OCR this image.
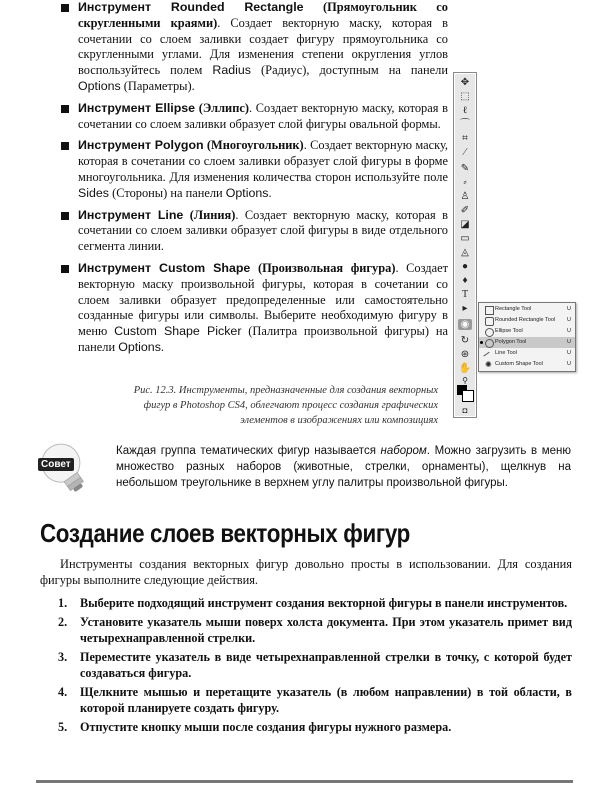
Инструмент Rounded Rectangle (Прямоугольник со скругленными краями). Создает векторную маску, которая в сочетании со слоем заливки создает фигуру прямоугольника со скругленными углами. Для изменения степени округления углов воспользуйтесь полем Radius (Радиус), доступным на панели Options (Параметры).
Инструмент Ellipse (Эллипс). Создает векторную маску, которая в сочетании со слоем заливки образует слой фигуры овальной формы.
Инструмент Polygon (Многоугольник). Создает векторную маску, которая в сочетании со слоем заливки образует слой фигуры в форме многоугольника. Для изменения количества сторон используйте поле Sides (Стороны) на панели Options.
Инструмент Line (Линия). Создает векторную маску, которая в сочетании со слоем заливки образует слой фигуры в виде отдельного сегмента линии.
Инструмент Custom Shape (Произвольная фигура). Создает векторную маску произвольной фигуры, которая в сочетании со слоем заливки образует предопределенные или самостоятельно созданные фигуры или символы. Выберите необходимую фигуру в меню Custom Shape Picker (Палитра произвольной фигуры) на панели Options.
✥
⬚
ℓ
⌒
⌗
⁄
✎
⸗
♙
✐
◪
▭
◬
●
♦
T
▸
◉
↻
⊛
✋
⚲
◘
Rectangle Tool	U
Rounded Rectangle Tool U
Ellipse Tool	U
Polygon Tool	U
Line Tool	U
✺ Custom Shape Tool	U
Рис. 12.3. Инструменты, предназначенные для создания векторных фигур в Photoshop CS4, облегчают процесс создания графических элементов в изображениях или композициях
Совет
Каждая группа тематических фигур называется набором. Можно загрузить в меню множество разных наборов (животные, стрелки, орнаменты), щелкнув на небольшом треугольнике в верхнем углу палитры произвольной фигуры.
Создание слоев векторных фигур
Инструменты создания векторных фигур довольно просты в использовании. Для создания фигуры выполните следующие действия.
1. Выберите подходящий инструмент создания векторной фигуры в панели инструментов.
2. Установите указатель мыши поверх холста документа. При этом указатель примет вид четырехнаправленной стрелки.
3. Переместите указатель в виде четырехнаправленной стрелки в точку, с которой будет создаваться фигура.
4. Щелкните мышью и перетащите указатель (в любом направлении) в той области, в которой планируете создать фигуру.
5. Отпустите кнопку мыши после создания фигуры нужного размера.
